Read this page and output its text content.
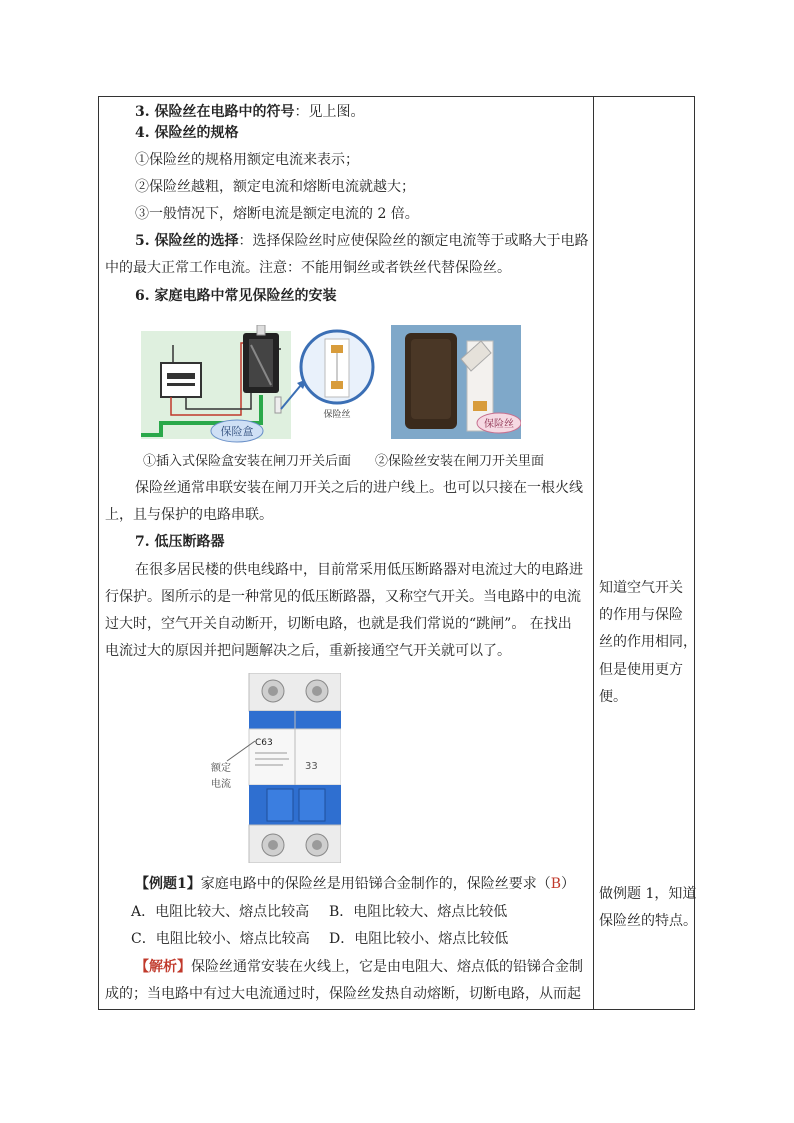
3. 保险丝在电路中的符号：见上图。
4. 保险丝的规格
①保险丝的规格用额定电流来表示；
②保险丝越粗，额定电流和熔断电流就越大；
③一般情况下，熔断电流是额定电流的 2 倍。
5. 保险丝的选择：选择保险丝时应使保险丝的额定电流等于或略大于电路
中的最大正常工作电流。注意：不能用铜丝或者铁丝代替保险丝。
6. 家庭电路中常见保险丝的安装
保险盒
保险丝
保险丝
①插入式保险盒安装在闸刀开关后面 ②保险丝安装在闸刀开关里面
保险丝通常串联安装在闸刀开关之后的进户线上。也可以只接在一根火线
上，且与保护的电路串联。
7. 低压断路器
在很多居民楼的供电线路中，目前常采用低压断路器对电流过大的电路进
行保护。图所示的是一种常见的低压断路器，又称空气开关。当电路中的电流
过大时，空气开关自动断开，切断电路，也就是我们常说的“跳闸”。 在找出
电流过大的原因并把问题解决之后，重新接通空气开关就可以了。
C63
33
额定
电流
【例题1】家庭电路中的保险丝是用铅锑合金制作的，保险丝要求（B）
A．电阻比较大、熔点比较高 B．电阻比较大、熔点比较低
C．电阻比较小、熔点比较高 D．电阻比较小、熔点比较低
【解析】保险丝通常安装在火线上，它是由电阻大、熔点低的铅锑合金制
成的；当电路中有过大电流通过时，保险丝发热自动熔断，切断电路，从而起
知道空气开关
的作用与保险
丝的作用相同，
但是使用更方
便。
做例题 1，知道
保险丝的特点。
